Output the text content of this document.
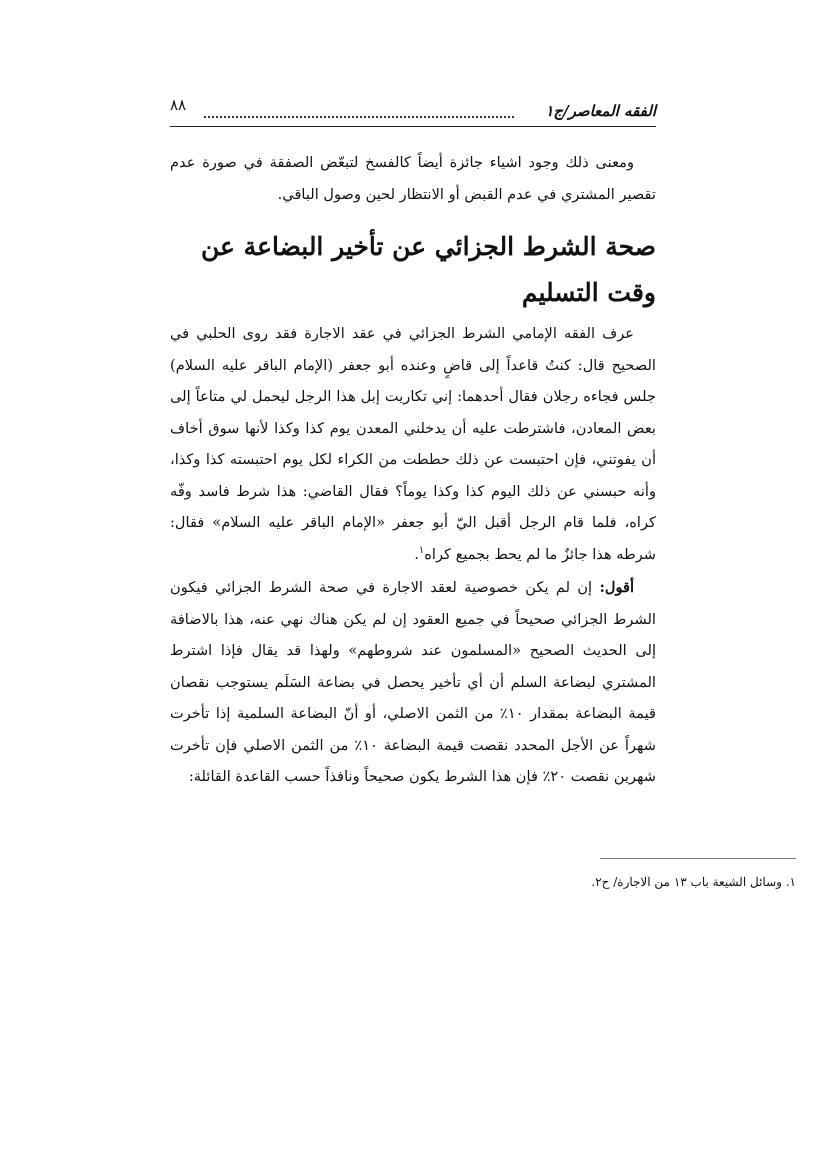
الفقه المعاصر/ج١
٨٨

ومعنى ذلك وجود اشياء جائزة أيضاً كالفسخ لتبعّض الصفقة في صورة عدم تقصير المشتري في عدم القبض أو الانتظار لحين وصول الباقي.

صحة الشرط الجزائي عن تأخير البضاعة عن وقت التسليم

عرف الفقه الإمامي الشرط الجزائي في عقد الاجارة فقد روى الحلبي في الصحيح قال: كنتُ قاعداً إلى قاضٍ وعنده أبو جعفر (الإمام الباقر عليه السلام) جلس فجاءه رجلان فقال أحدهما: إني تكاريت إبل هذا الرجل ليحمل لي متاعاً إلى بعض المعادن، فاشترطت عليه أن يدخلني المعدن يوم كذا وكذا لأنها سوق أخاف أن يفوتني، فإن احتبست عن ذلك حططت من الكراء لكل يوم احتبسته كذا وكذا، وأنه حبسني عن ذلك اليوم كذا وكذا يوماً؟ فقال القاضي: هذا شرط فاسد وفّه كراه، فلما قام الرجل أقبل اليّ أبو جعفر «الإمام الباقر عليه السلام» فقال: شرطه هذا جائزٌ ما لم يحط بجميع كراه$^١$.

أقول: إن لم يكن خصوصية لعقد الاجارة في صحة الشرط الجزائي فيكون الشرط الجزائي صحيحاً في جميع العقود إن لم يكن هناك نهي عنه، هذا بالاضافة إلى الحديث الصحيح «المسلمون عند شروطهم» ولهذا قد يقال فإذا اشترط المشتري لبضاعة السلم أن أي تأخير يحصل في بضاعة السَلَم يستوجب نقصان قيمة البضاعة بمقدار ١٠٪ من الثمن الاصلي، أو أنّ البضاعة السلمية إذا تأخرت شهراً عن الأجل المحدد نقصت قيمة البضاعة ١٠٪ من الثمن الاصلي فإن تأخرت شهرين نقصت ٢٠٪ فإن هذا الشرط يكون صحيحاً ونافذاً حسب القاعدة القائلة:

١. وسائل الشيعة باب ١٣ من الاجارة/ ح٢.
